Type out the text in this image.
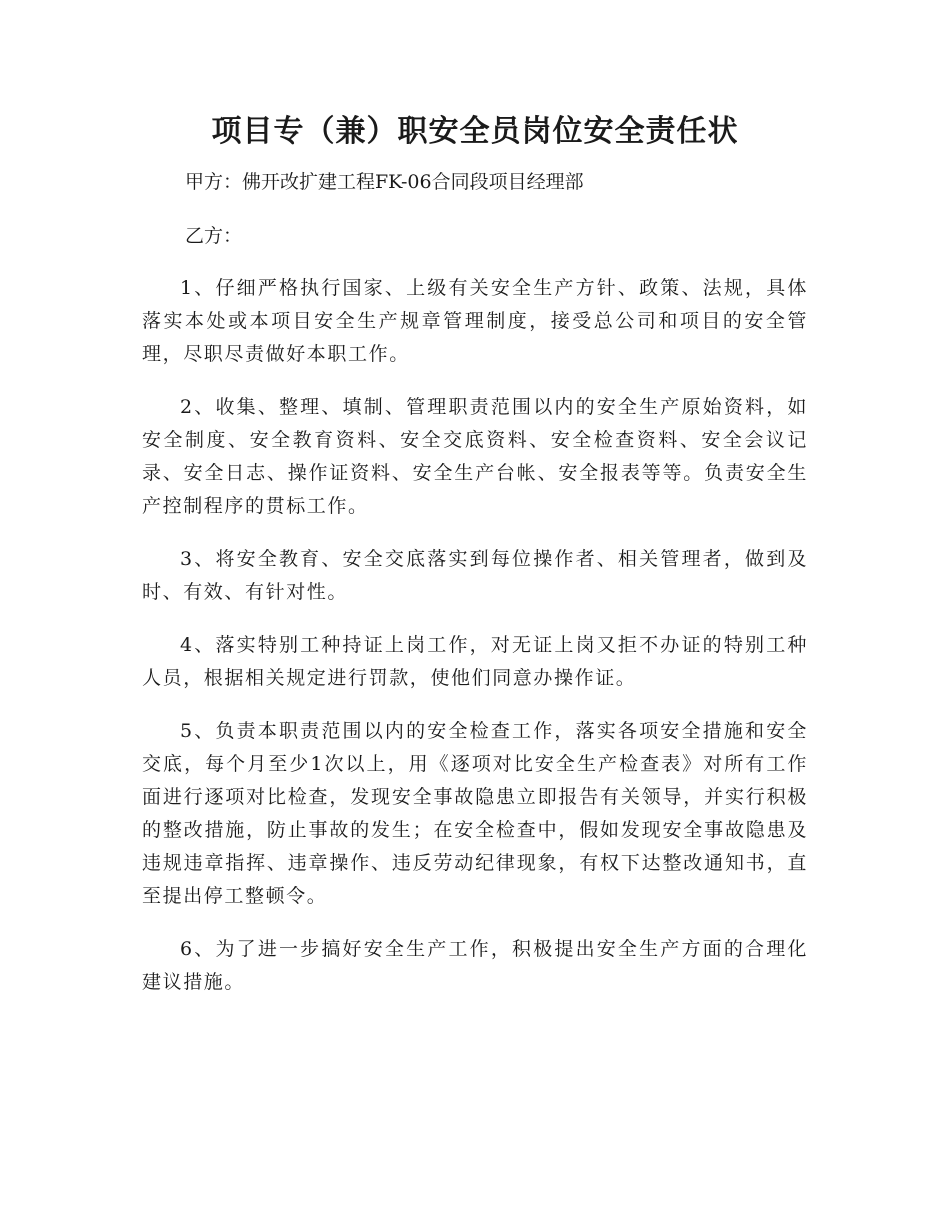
项目专（兼）职安全员岗位安全责任状

甲方：佛开改扩建工程FK-06合同段项目经理部

乙方：

1、仔细严格执行国家、上级有关安全生产方针、政策、法规，具体落实本处或本项目安全生产规章管理制度，接受总公司和项目的安全管理，尽职尽责做好本职工作。

2、收集、整理、填制、管理职责范围以内的安全生产原始资料，如安全制度、安全教育资料、安全交底资料、安全检查资料、安全会议记录、安全日志、操作证资料、安全生产台帐、安全报表等等。负责安全生产控制程序的贯标工作。

3、将安全教育、安全交底落实到每位操作者、相关管理者，做到及时、有效、有针对性。

4、落实特别工种持证上岗工作，对无证上岗又拒不办证的特别工种人员，根据相关规定进行罚款，使他们同意办操作证。

5、负责本职责范围以内的安全检查工作，落实各项安全措施和安全交底，每个月至少1次以上，用《逐项对比安全生产检查表》对所有工作面进行逐项对比检查，发现安全事故隐患立即报告有关领导，并实行积极的整改措施，防止事故的发生；在安全检查中，假如发现安全事故隐患及违规违章指挥、违章操作、违反劳动纪律现象，有权下达整改通知书，直至提出停工整顿令。

6、为了进一步搞好安全生产工作，积极提出安全生产方面的合理化建议措施。
